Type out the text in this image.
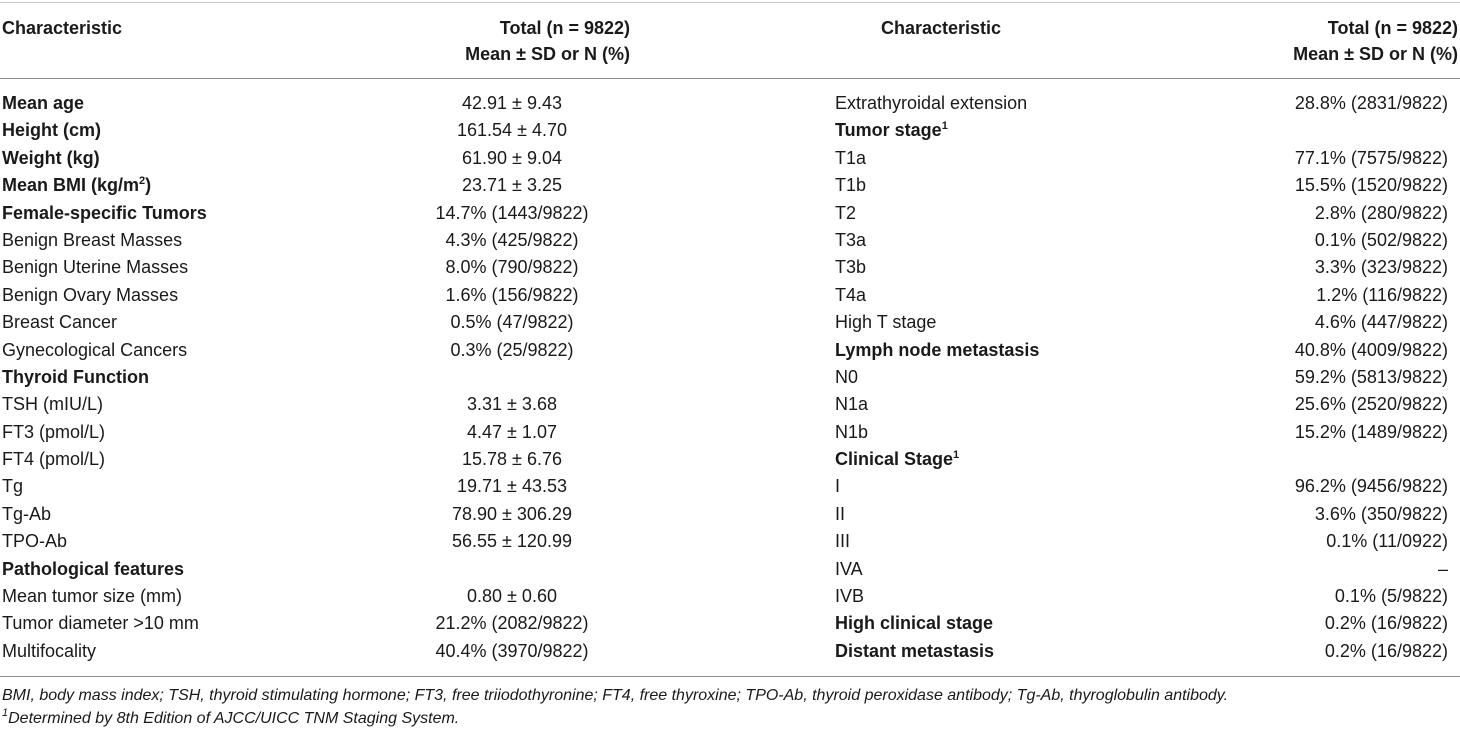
Characteristic	Total (n = 9822)
Mean ± SD or N (%)
Characteristic	Total (n = 9822)
Mean ± SD or N (%)
Mean age	42.91 ± 9.43
Height (cm)	161.54 ± 4.70
Weight (kg)	61.90 ± 9.04
Mean BMI $(kg/m^2)$	23.71 ± 3.25
Female-specific Tumors	14.7% (1443/9822)
Benign Breast Masses	4.3% (425/9822)
Benign Uterine Masses	8.0% (790/9822)
Benign Ovary Masses	1.6% (156/9822)
Breast Cancer	0.5% (47/9822)
Gynecological Cancers	0.3% (25/9822)
Thyroid Function
TSH (mIU/L)	3.31 ± 3.68
FT3 (pmol/L)	4.47 ± 1.07
FT4 (pmol/L)	15.78 ± 6.76
Tg	19.71 ± 43.53
Tg-Ab	78.90 ± 306.29
TPO-Ab	56.55 ± 120.99
Pathological features
Mean tumor size (mm)	0.80 ± 0.60
Tumor diameter >10 mm	21.2% (2082/9822)
Multifocality	40.4% (3970/9822)
Extrathyroidal extension	28.8% (2831/9822)
Tumor stage$^1$
T1a	77.1% (7575/9822)
T1b	15.5% (1520/9822)
T2	2.8% (280/9822)
T3a	0.1% (502/9822)
T3b	3.3% (323/9822)
T4a	1.2% (116/9822)
High T stage	4.6% (447/9822)
Lymph node metastasis	40.8% (4009/9822)
N0	59.2% (5813/9822)
N1a	25.6% (2520/9822)
N1b	15.2% (1489/9822)
Clinical Stage$^1$
I	96.2% (9456/9822)
II	3.6% (350/9822)
III	0.1% (11/0922)
IVA	–
IVB	0.1% (5/9822)
High clinical stage	0.2% (16/9822)
Distant metastasis	0.2% (16/9822)
BMI, body mass index; TSH, thyroid stimulating hormone; FT3, free triiodothyronine; FT4, free thyroxine; TPO-Ab, thyroid peroxidase antibody; Tg-Ab, thyroglobulin antibody.
$^1$Determined by 8th Edition of AJCC/UICC TNM Staging System.
